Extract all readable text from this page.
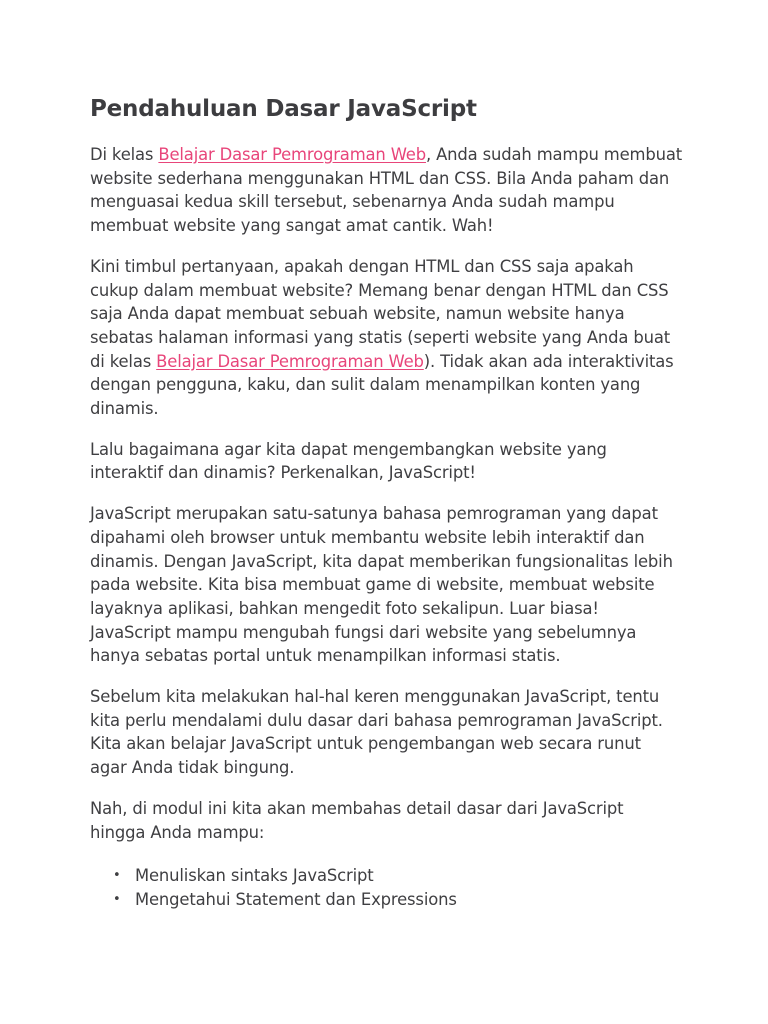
Pendahuluan Dasar JavaScript

Di kelas Belajar Dasar Pemrograman Web, Anda sudah mampu membuat website sederhana menggunakan HTML dan CSS. Bila Anda paham dan menguasai kedua skill tersebut, sebenarnya Anda sudah mampu membuat website yang sangat amat cantik. Wah!

Kini timbul pertanyaan, apakah dengan HTML dan CSS saja apakah cukup dalam membuat website? Memang benar dengan HTML dan CSS saja Anda dapat membuat sebuah website, namun website hanya sebatas halaman informasi yang statis (seperti website yang Anda buat di kelas Belajar Dasar Pemrograman Web). Tidak akan ada interaktivitas dengan pengguna, kaku, dan sulit dalam menampilkan konten yang dinamis.

Lalu bagaimana agar kita dapat mengembangkan website yang interaktif dan dinamis? Perkenalkan, JavaScript!

JavaScript merupakan satu-satunya bahasa pemrograman yang dapat dipahami oleh browser untuk membantu website lebih interaktif dan dinamis. Dengan JavaScript, kita dapat memberikan fungsionalitas lebih pada website. Kita bisa membuat game di website, membuat website layaknya aplikasi, bahkan mengedit foto sekalipun. Luar biasa! JavaScript mampu mengubah fungsi dari website yang sebelumnya hanya sebatas portal untuk menampilkan informasi statis.

Sebelum kita melakukan hal-hal keren menggunakan JavaScript, tentu kita perlu mendalami dulu dasar dari bahasa pemrograman JavaScript. Kita akan belajar JavaScript untuk pengembangan web secara runut agar Anda tidak bingung.

Nah, di modul ini kita akan membahas detail dasar dari JavaScript hingga Anda mampu:

• Menuliskan sintaks JavaScript
• Mengetahui Statement dan Expressions
